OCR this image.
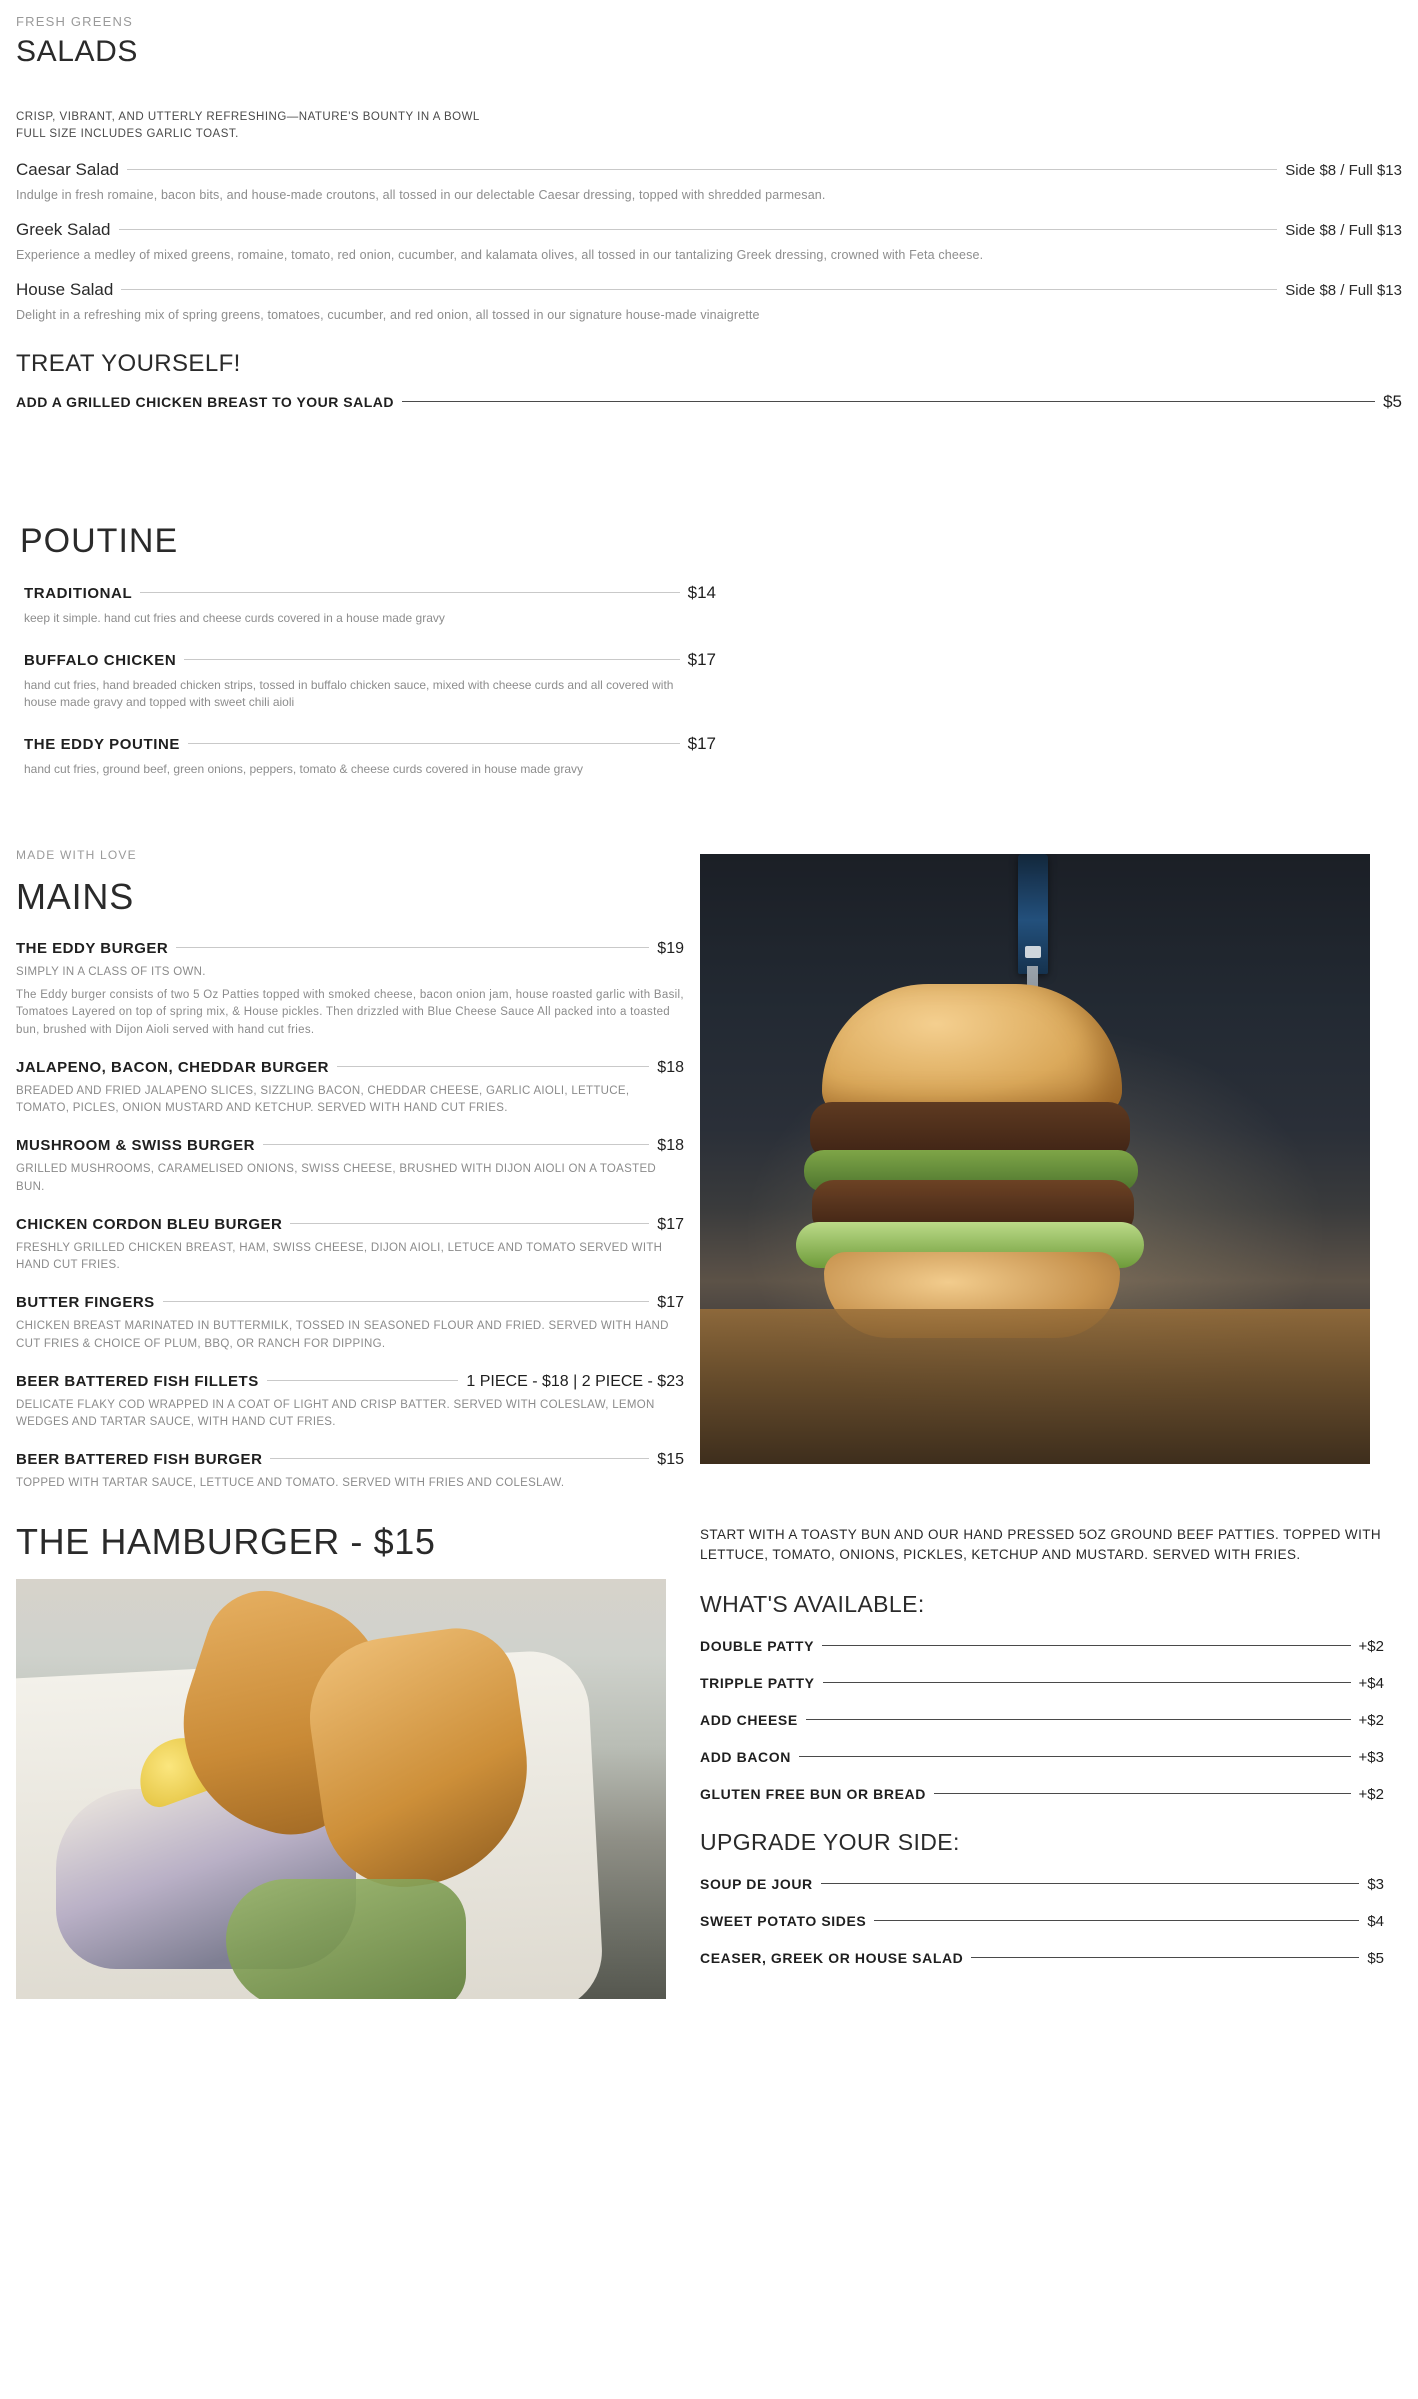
FRESH GREENS
SALADS
CRISP, VIBRANT, AND UTTERLY REFRESHING—NATURE'S BOUNTY IN A BOWL
FULL SIZE INCLUDES GARLIC TOAST.
Caesar Salad	Side $8 / Full $13
Indulge in fresh romaine, bacon bits, and house-made croutons, all tossed in our delectable Caesar dressing, topped with shredded parmesan.
Greek Salad	Side $8 / Full $13
Experience a medley of mixed greens, romaine, tomato, red onion, cucumber, and kalamata olives, all tossed in our tantalizing Greek dressing, crowned with Feta cheese.
House Salad	Side $8 / Full $13
Delight in a refreshing mix of spring greens, tomatoes, cucumber, and red onion, all tossed in our signature house-made vinaigrette
TREAT YOURSELF!
ADD A GRILLED CHICKEN BREAST TO YOUR SALAD	$5
POUTINE
TRADITIONAL	$14
keep it simple. hand cut fries and cheese curds covered in a house made gravy
BUFFALO CHICKEN	$17
hand cut fries, hand breaded chicken strips, tossed in buffalo chicken sauce, mixed with cheese curds and all covered with house made gravy and topped with sweet chili aioli
THE EDDY POUTINE	$17
hand cut fries, ground beef, green onions, peppers, tomato & cheese curds covered in house made gravy
MADE WITH LOVE
MAINS
THE EDDY BURGER	$19
SIMPLY IN A CLASS OF ITS OWN.
The Eddy burger consists of two 5 Oz Patties topped with smoked cheese, bacon onion jam, house roasted garlic with Basil, Tomatoes Layered on top of spring mix, & House pickles. Then drizzled with Blue Cheese Sauce All packed into a toasted bun, brushed with Dijon Aioli served with hand cut fries.
JALAPENO, BACON, CHEDDAR BURGER	$18
BREADED AND FRIED JALAPENO SLICES, SIZZLING BACON, CHEDDAR CHEESE, GARLIC AIOLI, LETTUCE, TOMATO, PICLES, ONION MUSTARD AND KETCHUP. SERVED WITH HAND CUT FRIES.
MUSHROOM & SWISS BURGER	$18
GRILLED MUSHROOMS, CARAMELISED ONIONS, SWISS CHEESE, BRUSHED WITH DIJON AIOLI ON A TOASTED BUN.
CHICKEN CORDON BLEU BURGER	$17
FRESHLY GRILLED CHICKEN BREAST, HAM, SWISS CHEESE, DIJON AIOLI, LETUCE AND TOMATO SERVED WITH HAND CUT FRIES.
BUTTER FINGERS	$17
CHICKEN BREAST MARINATED IN BUTTERMILK, TOSSED IN SEASONED FLOUR AND FRIED. SERVED WITH HAND CUT FRIES & CHOICE OF PLUM, BBQ, OR RANCH FOR DIPPING.
BEER BATTERED FISH FILLETS	1 PIECE - $18 | 2 PIECE - $23
DELICATE FLAKY COD WRAPPED IN A COAT OF LIGHT AND CRISP BATTER. SERVED WITH COLESLAW, LEMON WEDGES AND TARTAR SAUCE, WITH HAND CUT FRIES.
BEER BATTERED FISH BURGER	$15
TOPPED WITH TARTAR SAUCE, LETTUCE AND TOMATO. SERVED WITH FRIES AND COLESLAW.
THE HAMBURGER - $15	START WITH A TOASTY BUN AND OUR HAND PRESSED 5OZ GROUND BEEF PATTIES. TOPPED WITH LETTUCE, TOMATO, ONIONS, PICKLES, KETCHUP AND MUSTARD. SERVED WITH FRIES.
WHAT'S AVAILABLE:
DOUBLE PATTY	+$2
TRIPPLE PATTY	+$4
ADD CHEESE	+$2
ADD BACON	+$3
GLUTEN FREE BUN OR BREAD	+$2
UPGRADE YOUR SIDE:
SOUP DE JOUR	$3
SWEET POTATO SIDES	$4
CEASER, GREEK OR HOUSE SALAD	$5
